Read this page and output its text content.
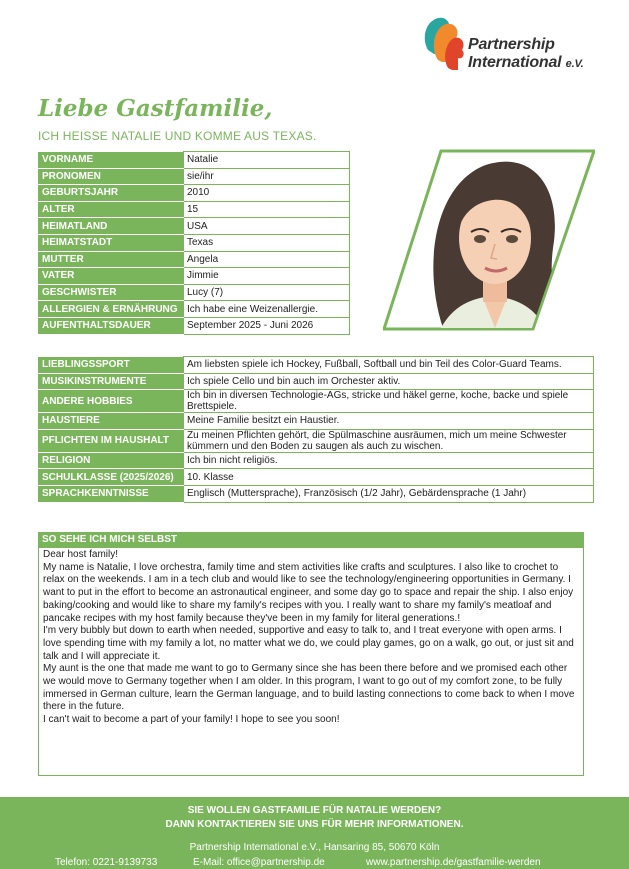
Partnership
International e.V.
Liebe Gastfamilie,
ICH HEISSE NATALIE UND KOMME AUS TEXAS.
VORNAME	Natalie
PRONOMEN	sie/ihr
GEBURTSJAHR	2010
ALTER	15
HEIMATLAND	USA
HEIMATSTADT	Texas
MUTTER	Angela
VATER	Jimmie
GESCHWISTER	Lucy (7)
ALLERGIEN & ERNÄHRUNG	Ich habe eine Weizenallergie.
AUFENTHALTSDAUER	September 2025 - Juni 2026
LIEBLINGSSPORT	Am liebsten spiele ich Hockey, Fußball, Softball und bin Teil des Color-Guard Teams.
MUSIKINSTRUMENTE	Ich spiele Cello und bin auch im Orchester aktiv.
ANDERE HOBBIES	Ich bin in diversen Technologie-AGs, stricke und häkel gerne, koche, backe und spiele Brettspiele.
HAUSTIERE	Meine Familie besitzt ein Haustier.
PFLICHTEN IM HAUSHALT	Zu meinen Pflichten gehört, die Spülmaschine ausräumen, mich um meine Schwester kümmern und den Boden zu saugen als auch zu wischen.
RELIGION	Ich bin nicht religiös.
SCHULKLASSE (2025/2026)	10. Klasse
SPRACHKENNTNISSE	Englisch (Muttersprache), Französisch (1/2 Jahr), Gebärdensprache (1 Jahr)
SO SEHE ICH MICH SELBST

Dear host family!

My name is Natalie, I love orchestra, family time and stem activities like crafts and sculptures. I also like to crochet to relax on the weekends. I am in a tech club and would like to see the technology/engineering opportunities in Germany. I want to put in the effort to become an astronautical engineer, and some day go to space and repair the ship. I also enjoy baking/cooking and would like to share my family's recipes with you. I really want to share my family's meatloaf and pancake recipes with my host family because they've been in my family for literal generations.!

I'm very bubbly but down to earth when needed, supportive and easy to talk to, and I treat everyone with open arms. I love spending time with my family a lot, no matter what we do, we could play games, go on a walk, go out, or just sit and talk and I will appreciate it.

My aunt is the one that made me want to go to Germany since she has been there before and we promised each other we would move to Germany together when I am older. In this program, I want to go out of my comfort zone, to be fully immersed in German culture, learn the German language, and to build lasting connections to come back to when I move there in the future.

I can't wait to become a part of your family! I hope to see you soon!

SIE WOLLEN GASTFAMILIE FÜR NATALIE WERDEN?
DANN KONTAKTIEREN SIE UNS FÜR MEHR INFORMATIONEN.
Partnership International e.V., Hansaring 85, 50670 Köln
Telefon: 0221-9139733	E-Mail: office@partnership.de	www.partnership.de/gastfamilie-werden
